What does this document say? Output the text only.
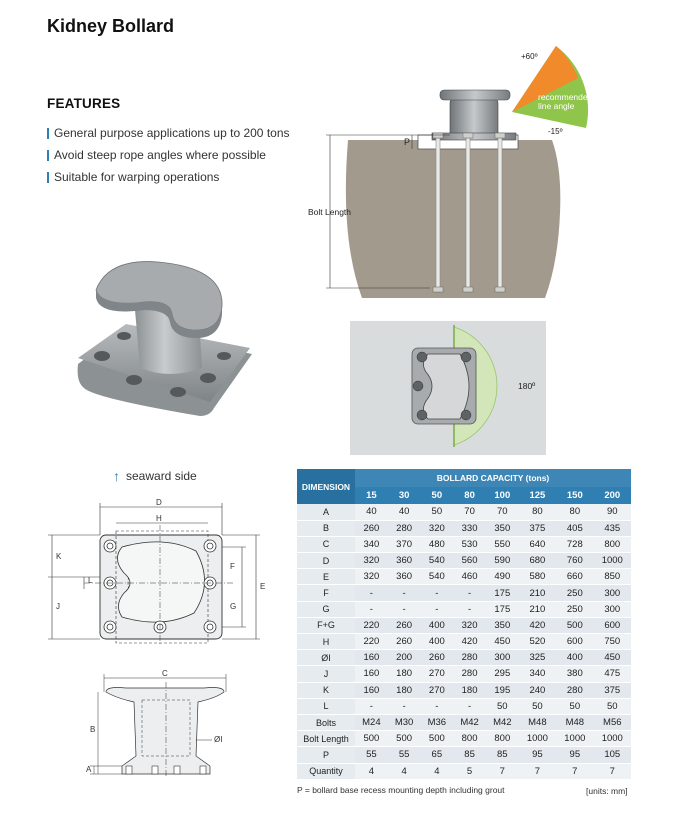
Kidney Bollard
FEATURES
General purpose applications up to 200 tons
Avoid steep rope angles where possible
Suitable for warping operations
P
Bolt Length
+60º
-15º
recommended
line angle
180º
↑ seaward side
D
H
K
L
J
F
G
E
C
B
ØI
A
DIMENSION	BOLLARD CAPACITY (tons)							
	15	30	50	80	100	125	150	200
A	40	40	50	70	70	80	80	90
B	260	280	320	330	350	375	405	435
C	340	370	480	530	550	640	728	800
D	320	360	540	560	590	680	760	1000
E	320	360	540	460	490	580	660	850
F	-	-	-	-	175	210	250	300
G	-	-	-	-	175	210	250	300
F+G	220	260	400	320	350	420	500	600
H	220	260	400	420	450	520	600	750
ØI	160	200	260	280	300	325	400	450
J	160	180	270	280	295	340	380	475
K	160	180	270	180	195	240	280	375
L	-	-	-	-	50	50	50	50
Bolts	M24	M30	M36	M42	M42	M48	M48	M56
Bolt Length	500	500	500	800	800	1000	1000	1000
P	55	55	65	85	85	95	95	105
Quantity	4	4	4	5	7	7	7	7
P = bollard base recess mounting depth including grout	[units: mm]
